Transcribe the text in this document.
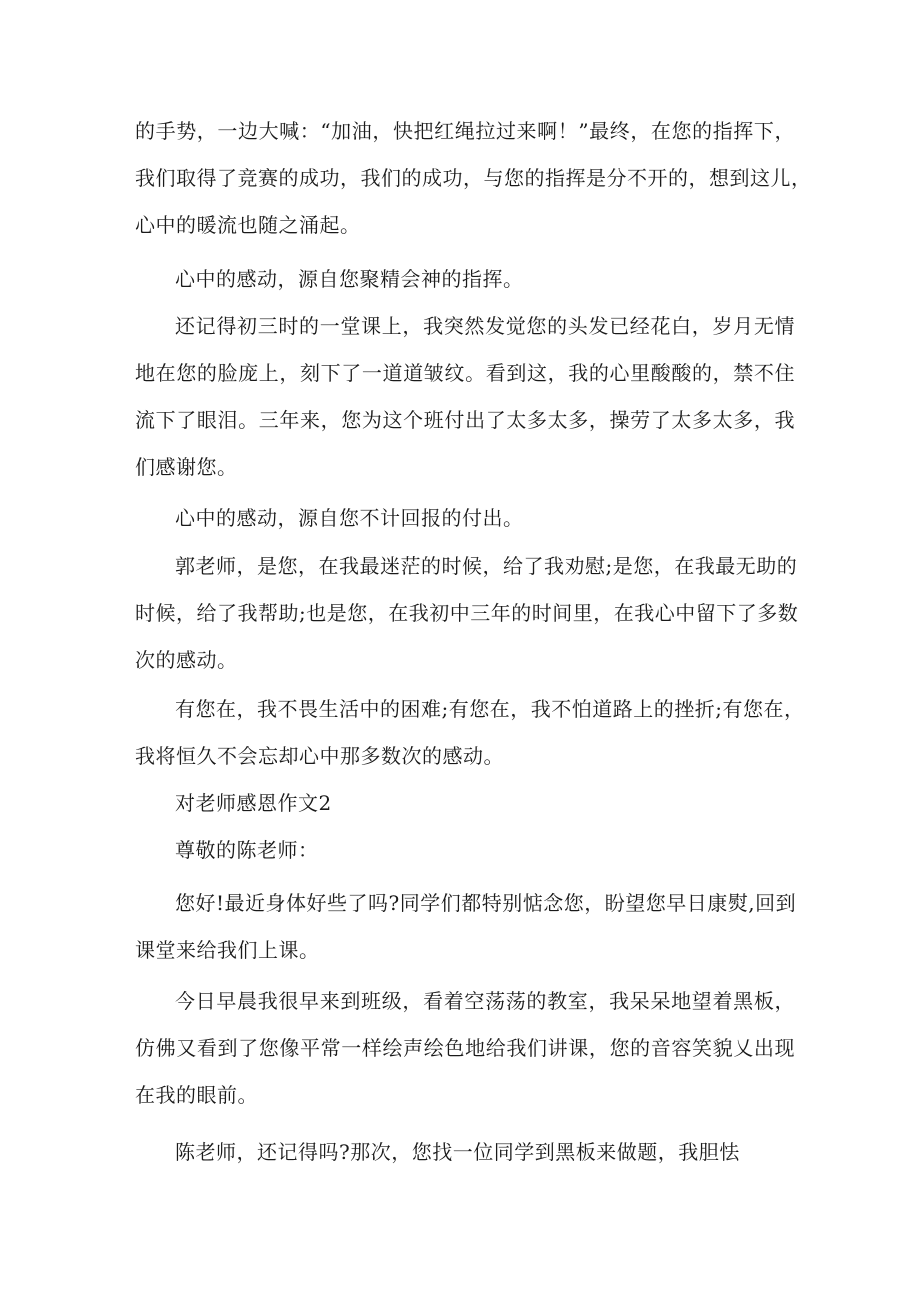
的手势，一边大喊：“加油，快把红绳拉过来啊！”最终，在您的指挥下，
我们取得了竞赛的成功，我们的成功，与您的指挥是分不开的，想到这儿，
心中的暖流也随之涌起。
心中的感动，源自您聚精会神的指挥。
还记得初三时的一堂课上，我突然发觉您的头发已经花白，岁月无情
地在您的脸庞上，刻下了一道道皱纹。看到这，我的心里酸酸的，禁不住
流下了眼泪。三年来，您为这个班付出了太多太多，操劳了太多太多，我
们感谢您。
心中的感动，源自您不计回报的付出。
郭老师，是您，在我最迷茫的时候，给了我劝慰;是您，在我最无助的
时候，给了我帮助;也是您，在我初中三年的时间里，在我心中留下了多数
次的感动。
有您在，我不畏生活中的困难;有您在，我不怕道路上的挫折;有您在，
我将恒久不会忘却心中那多数次的感动。
对老师感恩作文2
尊敬的陈老师：
您好!最近身体好些了吗?同学们都特别惦念您，盼望您早日康熨,回到
课堂来给我们上课。
今日早晨我很早来到班级，看着空荡荡的教室，我呆呆地望着黑板，
仿佛又看到了您像平常一样绘声绘色地给我们讲课，您的音容笑貌乂出现
在我的眼前。
陈老师，还记得吗?那次，您找一位同学到黑板来做题，我胆怯
